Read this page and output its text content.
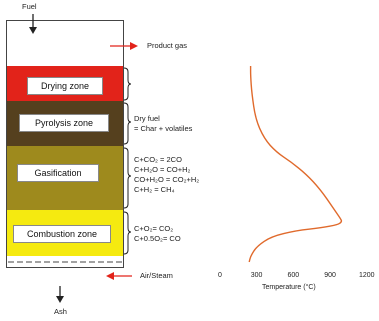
Drying zone
Pyrolysis zone
Gasification
Combustion zone
Fuel
Product gas
Air/Steam
Ash
Dry fuel
= Char + volatiles
C+CO₂ = 2CO
C+H₂O = CO+H₂
CO+H₂O = CO₂+H₂
C+H₂ = CH₄
C+O₂= CO₂
C+0.5O₂= CO
0	300	600	900	1200
Temperature (°C)
